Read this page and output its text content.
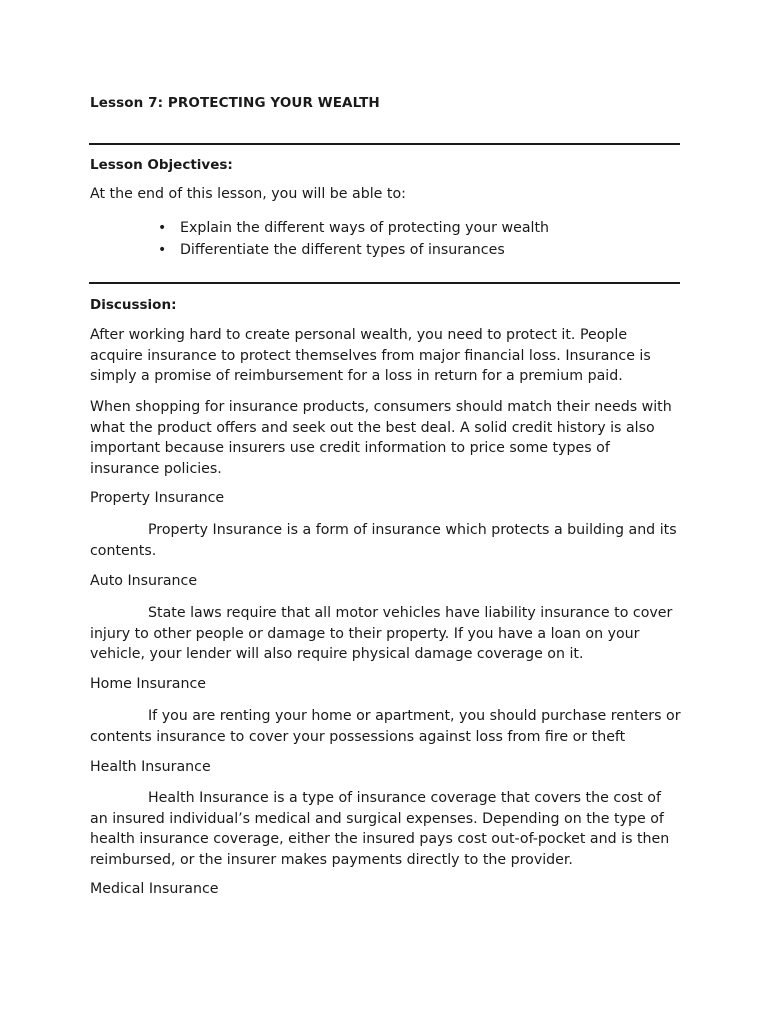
Lesson 7: PROTECTING YOUR WEALTH
Lesson Objectives:
At the end of this lesson, you will be able to:
• Explain the different ways of protecting your wealth
• Differentiate the different types of insurances
Discussion:

After working hard to create personal wealth, you need to protect it. People acquire insurance to protect themselves from major financial loss. Insurance is simply a promise of reimbursement for a loss in return for a premium paid.

When shopping for insurance products, consumers should match their needs with what the product offers and seek out the best deal. A solid credit history is also important because insurers use credit information to price some types of insurance policies.

Property Insurance

Property Insurance is a form of insurance which protects a building and its contents.

Auto Insurance

State laws require that all motor vehicles have liability insurance to cover injury to other people or damage to their property. If you have a loan on your vehicle, your lender will also require physical damage coverage on it.

Home Insurance

If you are renting your home or apartment, you should purchase renters or contents insurance to cover your possessions against loss from fire or theft

Health Insurance

Health Insurance is a type of insurance coverage that covers the cost of an insured individual’s medical and surgical expenses. Depending on the type of health insurance coverage, either the insured pays cost out-of-pocket and is then reimbursed, or the insurer makes payments directly to the provider.

Medical Insurance
